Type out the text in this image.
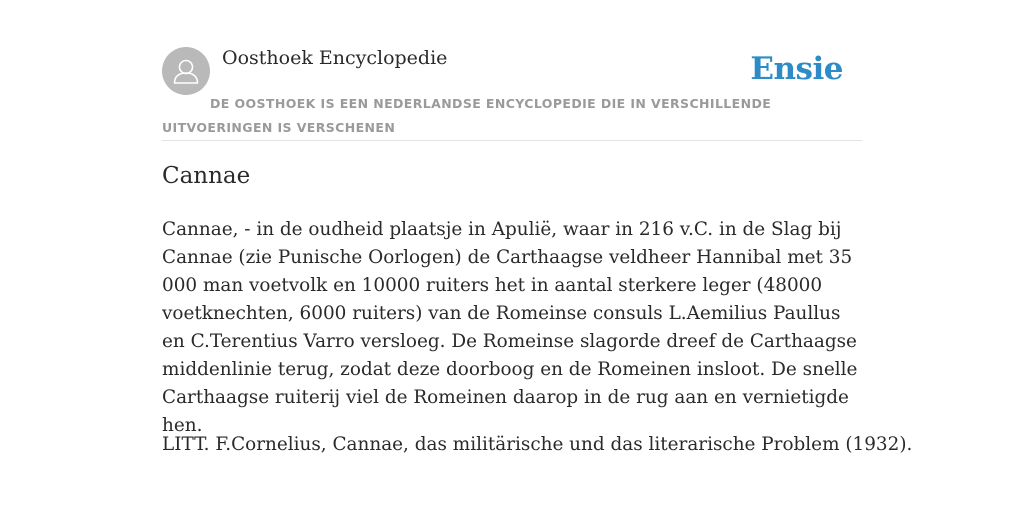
Oosthoek Encyclopedie	Ensie
DE OOSTHOEK IS EEN NEDERLANDSE ENCYCLOPEDIE DIE IN VERSCHILLENDE UITVOERINGEN IS VERSCHENEN
Cannae

Cannae, - in de oudheid plaatsje in Apulië, waar in 216 v.C. in de Slag bij Cannae (zie Punische Oorlogen) de Carthaagse veldheer Hannibal met 35 000 man voetvolk en 10000 ruiters het in aantal sterkere leger (48000 voetknechten, 6000 ruiters) van de Romeinse consuls L.Aemilius Paullus en C.Terentius Varro versloeg. De Romeinse slagorde dreef de Carthaagse middenlinie terug, zodat deze doorboog en de Romeinen insloot. De snelle Carthaagse ruiterij viel de Romeinen daarop in de rug aan en vernietigde hen.

LITT. F.Cornelius, Cannae, das militärische und das literarische Problem (1932).
